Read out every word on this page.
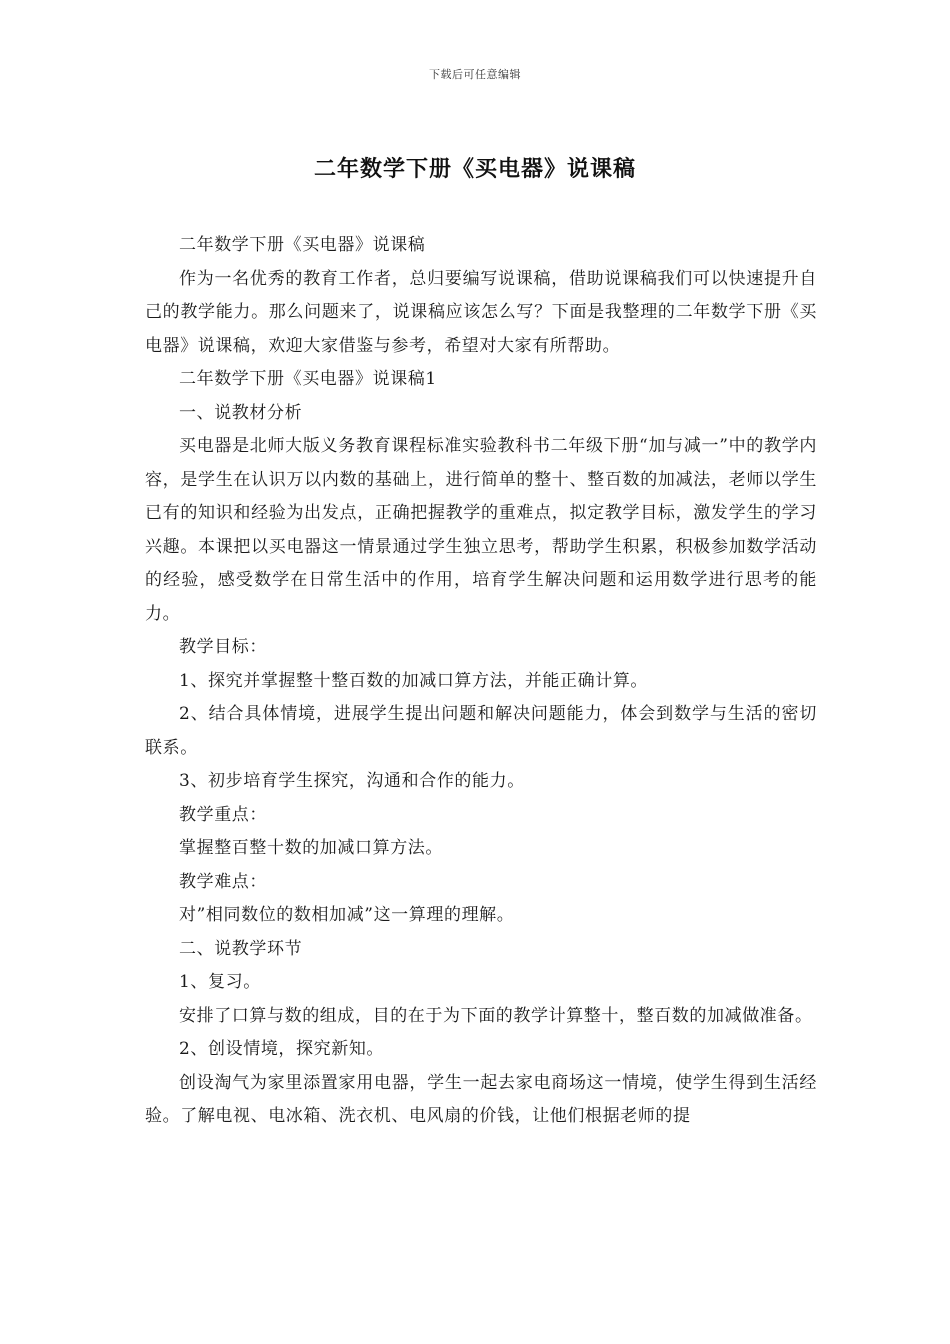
下载后可任意编辑
二年数学下册《买电器》说课稿

二年数学下册《买电器》说课稿

作为一名优秀的教育工作者，总归要编写说课稿，借助说课稿我们可以快速提升自己的教学能力。那么问题来了，说课稿应该怎么写？下面是我整理的二年数学下册《买电器》说课稿，欢迎大家借鉴与参考，希望对大家有所帮助。

二年数学下册《买电器》说课稿1

一、说教材分析

买电器是北师大版义务教育课程标准实验教科书二年级下册“加与减一”中的教学内容，是学生在认识万以内数的基础上，进行简单的整十、整百数的加减法，老师以学生已有的知识和经验为出发点，正确把握教学的重难点，拟定教学目标，激发学生的学习兴趣。本课把以买电器这一情景通过学生独立思考，帮助学生积累，积极参加数学活动的经验，感受数学在日常生活中的作用，培育学生解决问题和运用数学进行思考的能力。

教学目标：

1、探究并掌握整十整百数的加减口算方法，并能正确计算。

2、结合具体情境，进展学生提出问题和解决问题能力，体会到数学与生活的密切联系。

3、初步培育学生探究，沟通和合作的能力。

教学重点：

掌握整百整十数的加减口算方法。

教学难点：

对”相同数位的数相加减”这一算理的理解。

二、说教学环节

1、复习。

安排了口算与数的组成，目的在于为下面的教学计算整十，整百数的加减做准备。

2、创设情境，探究新知。

创设淘气为家里添置家用电器，学生一起去家电商场这一情境，使学生得到生活经验。了解电视、电冰箱、洗衣机、电风扇的价钱，让他们根据老师的提
